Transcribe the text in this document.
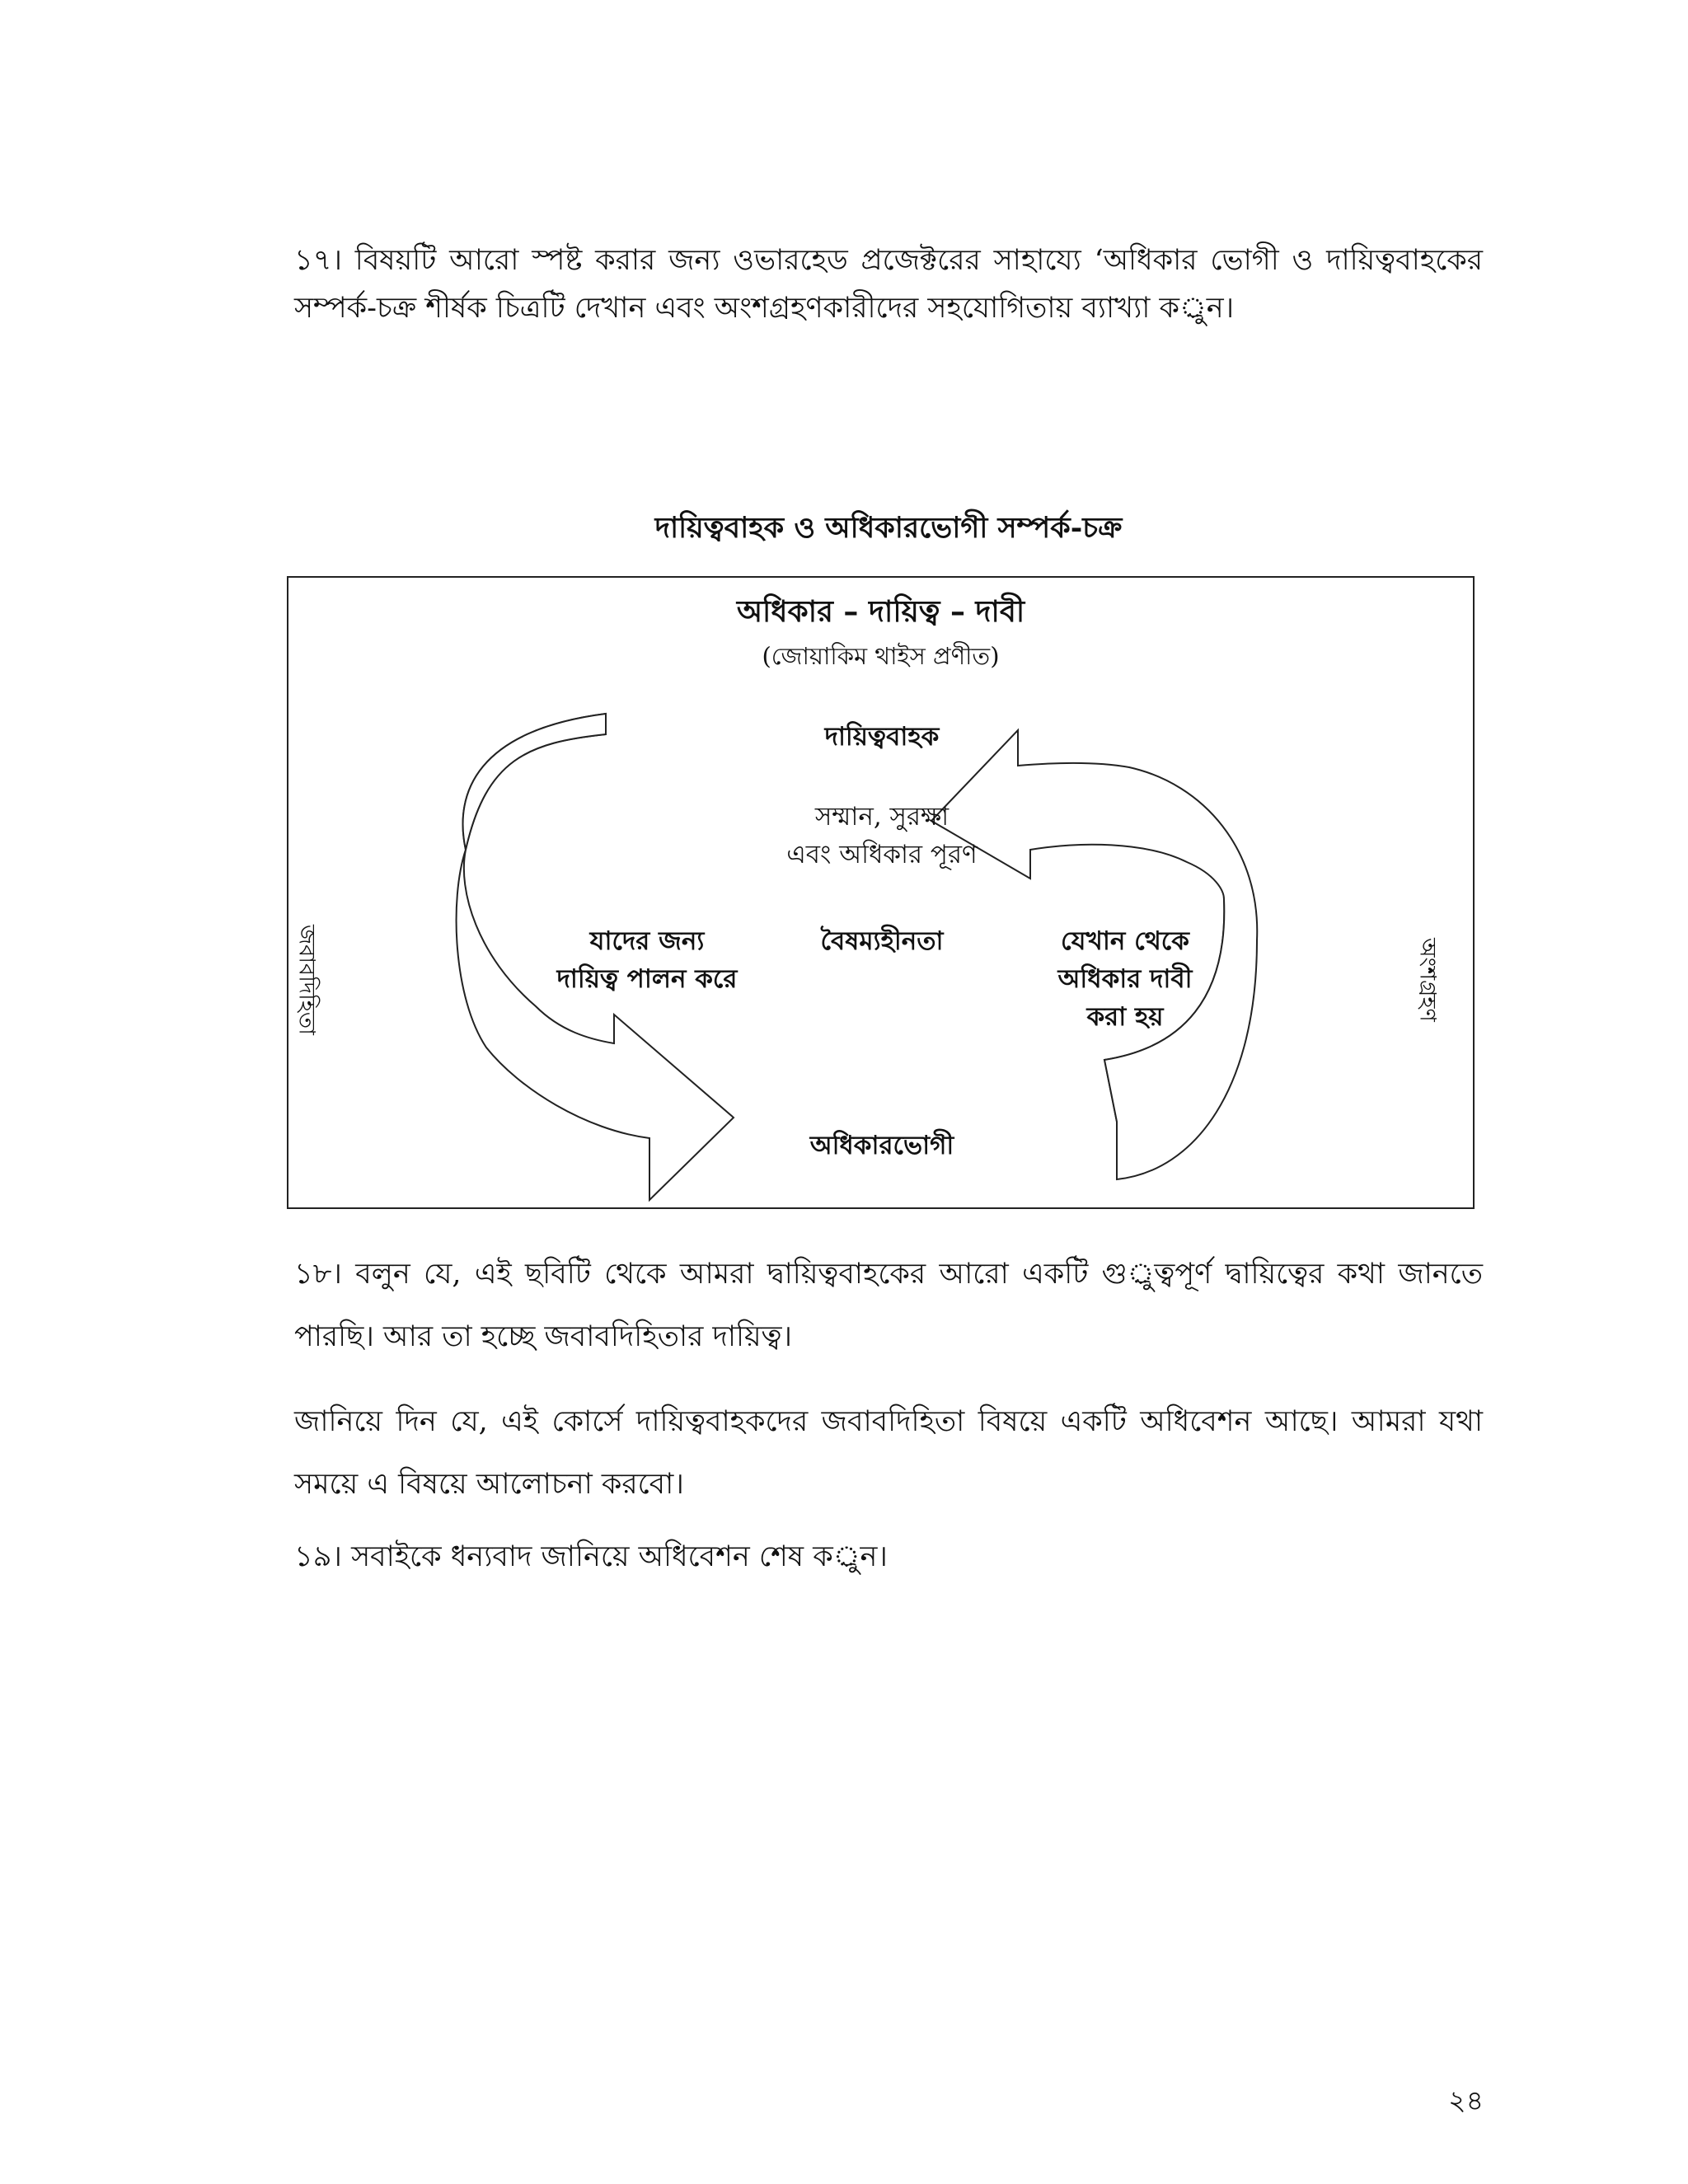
১৭। বিষয়টি আরো স্পষ্ট করার জন্য ওভারহেড প্রজেক্টরের সাহায্যে ‘অধিকার ভোগী ও দায়িত্ববাহকের সম্পর্ক-চক্র শীর্ষক চিত্রটি দেখান এবং অংশগ্রহণকারীদের সহযোগিতায় ব্যাখ্যা কর্ুন।
দায়িত্ববাহক ও অধিকারভোগী সম্পর্ক-চক্র
অধিকার – দায়িত্ব – দাবী
(জোয়াকিম থাইস প্রণীত)
দায়িত্ববাহক
সম্মান, সুরক্ষা
এবং অধিকার পূরণ
বৈষম্যহীনতা
যাদের জন্য
দায়িত্ব পালন করে
যেখান থেকে
অধিকার দাবী
করা হয়
অধিকারভোগী
জবাবদিহিতা	অংশগ্রহণ
১৮। বলুন যে, এই ছবিটি থেকে আমরা দ্বায়িত্ববাহকের আরো একটি গুর্ুত্বপূর্ণ দ্বায়িত্বের কথা জানতে পারছি। আর তা হচ্ছে জবাবদিহিতার দায়িত্ব।
জানিয়ে দিন যে, এই কোর্সে দায়িত্ববাহকদের জবাবদিহিতা বিষয়ে একটি অধিবেশন আছে। আমরা যথা সময়ে এ বিষয়ে আলোচনা করবো।
১৯। সবাইকে ধন্যবাদ জানিয়ে অধিবেশন শেষ কর্ুন।
২৪
